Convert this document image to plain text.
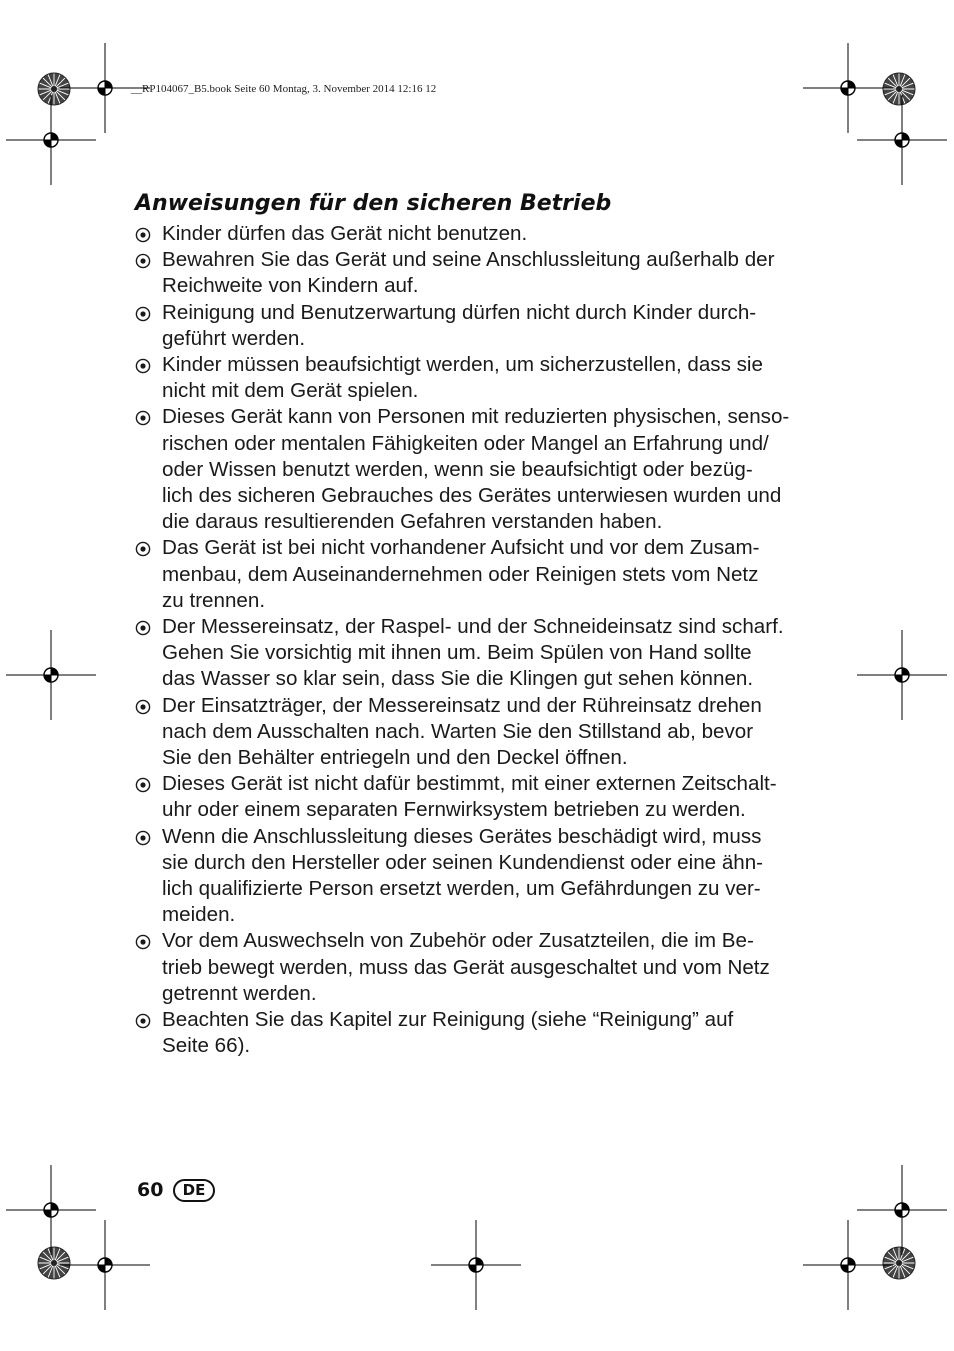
__RP104067_B5.book Seite 60 Montag, 3. November 2014 12:16 12
Anweisungen für den sicheren Betrieb
Kinder dürfen das Gerät nicht benutzen.
Bewahren Sie das Gerät und seine Anschlussleitung außerhalb der
Reichweite von Kindern auf.
Reinigung und Benutzerwartung dürfen nicht durch Kinder durch-
geführt werden.
Kinder müssen beaufsichtigt werden, um sicherzustellen, dass sie
nicht mit dem Gerät spielen.
Dieses Gerät kann von Personen mit reduzierten physischen, senso-
rischen oder mentalen Fähigkeiten oder Mangel an Erfahrung und/
oder Wissen benutzt werden, wenn sie beaufsichtigt oder bezüg-
lich des sicheren Gebrauches des Gerätes unterwiesen wurden und
die daraus resultierenden Gefahren verstanden haben.
Das Gerät ist bei nicht vorhandener Aufsicht und vor dem Zusam-
menbau, dem Auseinandernehmen oder Reinigen stets vom Netz
zu trennen.
Der Messereinsatz, der Raspel- und der Schneideinsatz sind scharf.
Gehen Sie vorsichtig mit ihnen um. Beim Spülen von Hand sollte
das Wasser so klar sein, dass Sie die Klingen gut sehen können.
Der Einsatzträger, der Messereinsatz und der Rühreinsatz drehen
nach dem Ausschalten nach. Warten Sie den Stillstand ab, bevor
Sie den Behälter entriegeln und den Deckel öffnen.
Dieses Gerät ist nicht dafür bestimmt, mit einer externen Zeitschalt-
uhr oder einem separaten Fernwirksystem betrieben zu werden.
Wenn die Anschlussleitung dieses Gerätes beschädigt wird, muss
sie durch den Hersteller oder seinen Kundendienst oder eine ähn-
lich qualifizierte Person ersetzt werden, um Gefährdungen zu ver-
meiden.
Vor dem Auswechseln von Zubehör oder Zusatzteilen, die im Be-
trieb bewegt werden, muss das Gerät ausgeschaltet und vom Netz
getrennt werden.
Beachten Sie das Kapitel zur Reinigung (siehe “Reinigung” auf
Seite 66).
60	DE
